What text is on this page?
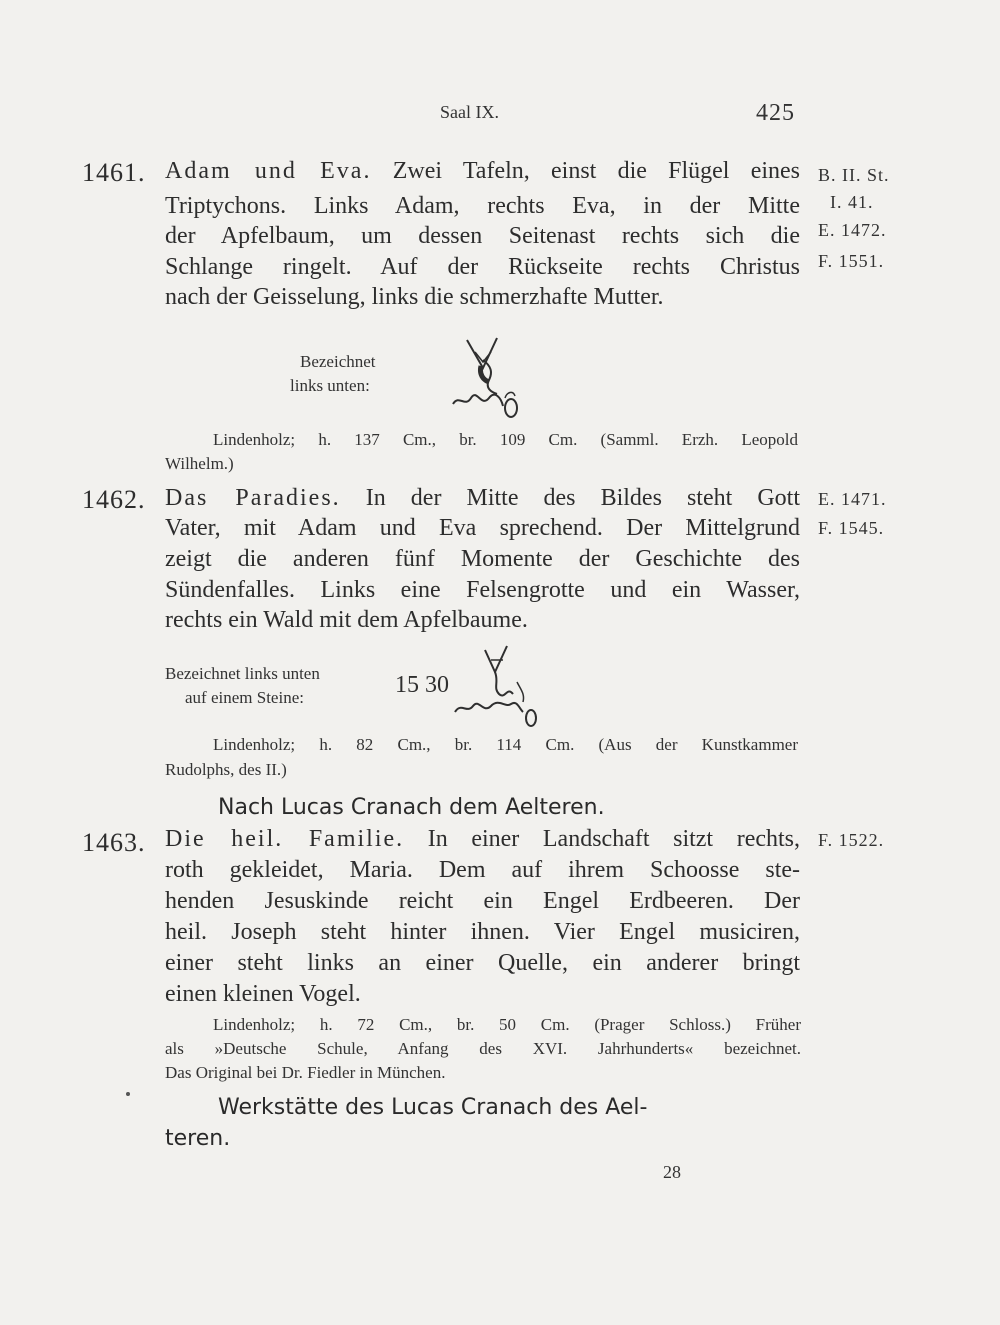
Saal IX.	425
1461. Adam und Eva. Zwei Tafeln, einst die Flügel eines
Triptychons. Links Adam, rechts Eva, in der Mitte
der Apfelbaum, um dessen Seitenast rechts sich die
Schlange ringelt. Auf der Rückseite rechts Christus
nach der Geisselung, links die schmerzhafte Mutter.
B. II. St.
I. 41.
E. 1472.
F. 1551.
Bezeichnet
links unten:
Lindenholz; h. 137 Cm., br. 109 Cm. (Samml. Erzh. Leopold
Wilhelm.)
1462. Das Paradies. In der Mitte des Bildes steht Gott
Vater, mit Adam und Eva sprechend. Der Mittelgrund
zeigt die anderen fünf Momente der Geschichte des
Sündenfalles. Links eine Felsengrotte und ein Wasser,
rechts ein Wald mit dem Apfelbaume.
E. 1471.
F. 1545.
Bezeichnet links unten
auf einem Steine:	15 30
Lindenholz; h. 82 Cm., br. 114 Cm. (Aus der Kunstkammer
Rudolphs, des II.)
Nach Lucas Cranach dem Aelteren.
1463. Die heil. Familie. In einer Landschaft sitzt rechts,
roth gekleidet, Maria. Dem auf ihrem Schoosse ste-
henden Jesuskinde reicht ein Engel Erdbeeren. Der
heil. Joseph steht hinter ihnen. Vier Engel musiciren,
einer steht links an einer Quelle, ein anderer bringt
einen kleinen Vogel.
F. 1522.
Lindenholz; h. 72 Cm., br. 50 Cm. (Prager Schloss.) Früher
als »Deutsche Schule, Anfang des XVI. Jahrhunderts« bezeichnet.
Das Original bei Dr. Fiedler in München.
Werkstätte des Lucas Cranach des Ael-
teren.
28
